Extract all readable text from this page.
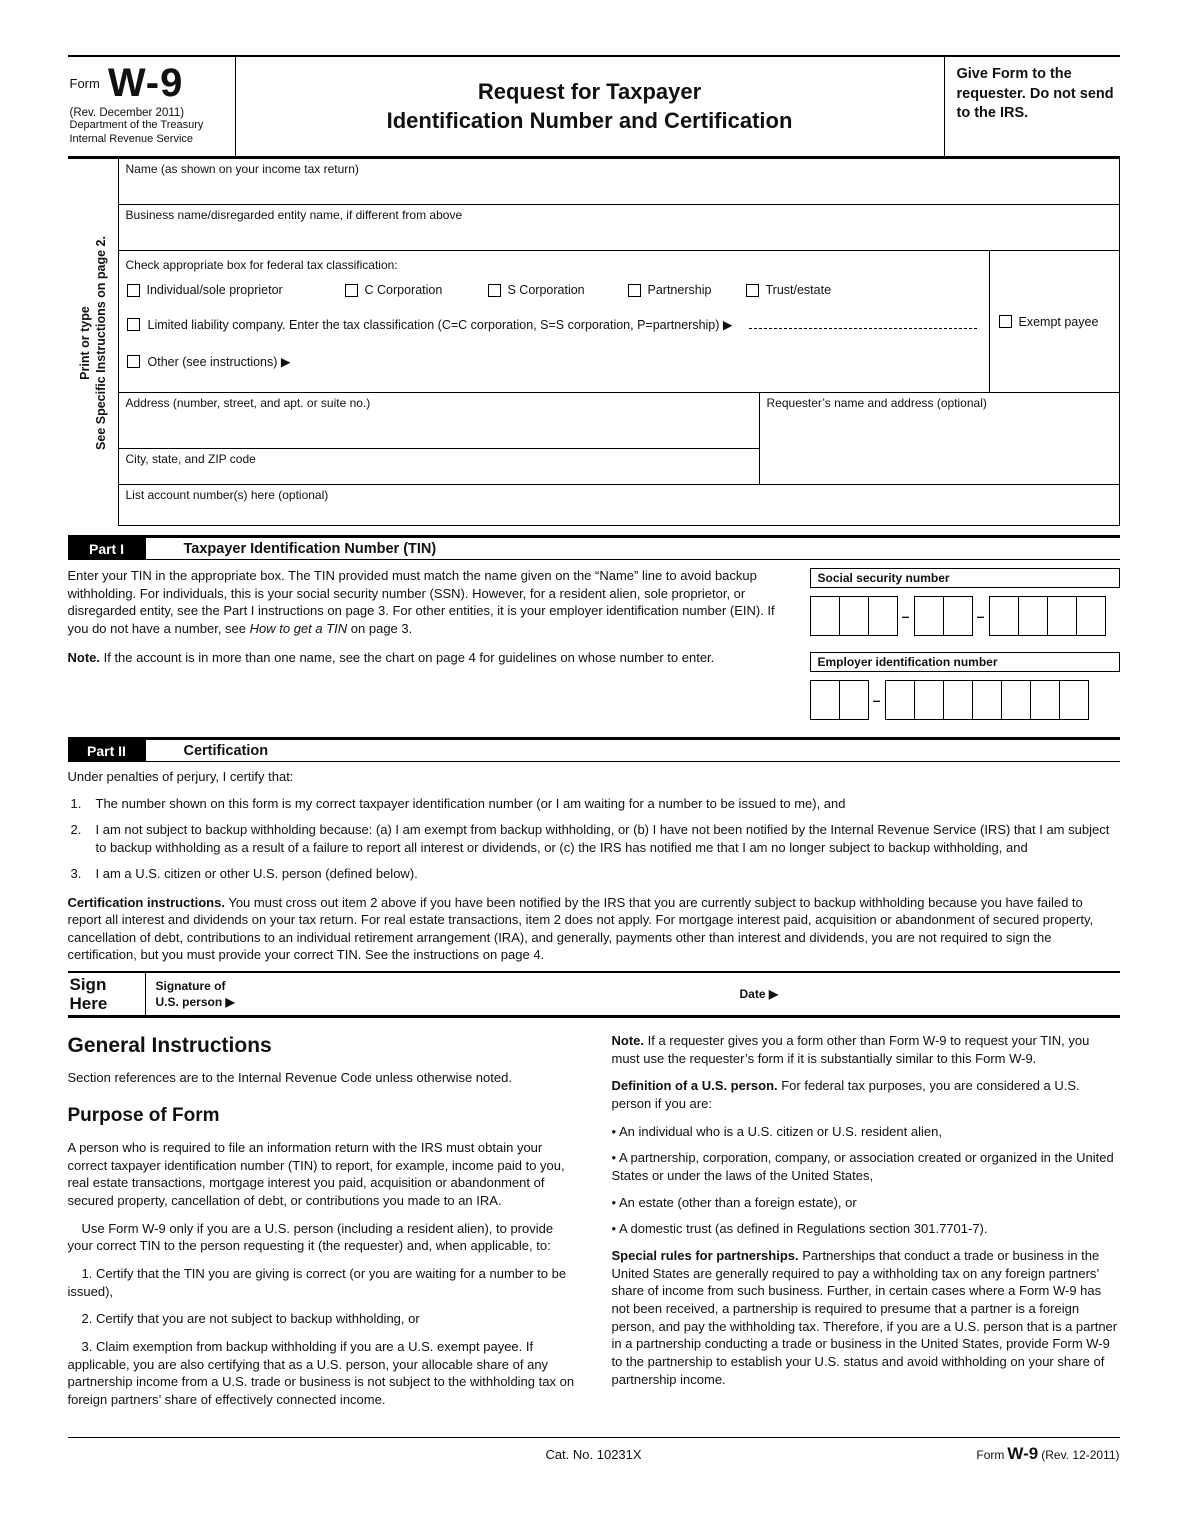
Form W-9
(Rev. December 2011)
Department of the Treasury
Internal Revenue Service
Request for Taxpayer
Identification Number and Certification
Give Form to the requester. Do not send to the IRS.
Print or type See Specific Instructions on page 2.
Name (as shown on your income tax return)
Business name/disregarded entity name, if different from above
Check appropriate box for federal tax classification:
Individual/sole proprietor	C Corporation	S Corporation	Partnership	Trust/estate
Limited liability company. Enter the tax classification (C=C corporation, S=S corporation, P=partnership) ▶
Other (see instructions) ▶
Exempt payee
Address (number, street, and apt. or suite no.)
City, state, and ZIP code
Requester’s name and address (optional)
List account number(s) here (optional)
Part I	Taxpayer Identification Number (TIN)

Enter your TIN in the appropriate box. The TIN provided must match the name given on the “Name” line to avoid backup withholding. For individuals, this is your social security number (SSN). However, for a resident alien, sole proprietor, or disregarded entity, see the Part I instructions on page 3. For other entities, it is your employer identification number (EIN). If you do not have a number, see How to get a TIN on page 3.

Note. If the account is in more than one name, see the chart on page 4 for guidelines on whose number to enter.

Social security number
–	–
Employer identification number
–
Part II	Certification
Under penalties of perjury, I certify that:
1. The number shown on this form is my correct taxpayer identification number (or I am waiting for a number to be issued to me), and
2. I am not subject to backup withholding because: (a) I am exempt from backup withholding, or (b) I have not been notified by the Internal Revenue Service (IRS) that I am subject to backup withholding as a result of a failure to report all interest or dividends, or (c) the IRS has notified me that I am no longer subject to backup withholding, and
3. I am a U.S. citizen or other U.S. person (defined below).

Certification instructions. You must cross out item 2 above if you have been notified by the IRS that you are currently subject to backup withholding because you have failed to report all interest and dividends on your tax return. For real estate transactions, item 2 does not apply. For mortgage interest paid, acquisition or abandonment of secured property, cancellation of debt, contributions to an individual retirement arrangement (IRA), and generally, payments other than interest and dividends, you are not required to sign the certification, but you must provide your correct TIN. See the instructions on page 4.

Sign
Here
Signature of
U.S. person ▶
Date ▶
General Instructions

Section references are to the Internal Revenue Code unless otherwise noted.

Purpose of Form

A person who is required to file an information return with the IRS must obtain your correct taxpayer identification number (TIN) to report, for example, income paid to you, real estate transactions, mortgage interest you paid, acquisition or abandonment of secured property, cancellation of debt, or contributions you made to an IRA.

Use Form W-9 only if you are a U.S. person (including a resident alien), to provide your correct TIN to the person requesting it (the requester) and, when applicable, to:

1. Certify that the TIN you are giving is correct (or you are waiting for a number to be issued),

2. Certify that you are not subject to backup withholding, or

3. Claim exemption from backup withholding if you are a U.S. exempt payee. If applicable, you are also certifying that as a U.S. person, your allocable share of any partnership income from a U.S. trade or business is not subject to the withholding tax on foreign partners’ share of effectively connected income.

Note. If a requester gives you a form other than Form W-9 to request your TIN, you must use the requester’s form if it is substantially similar to this Form W-9.

Definition of a U.S. person. For federal tax purposes, you are considered a U.S. person if you are:

• An individual who is a U.S. citizen or U.S. resident alien,

• A partnership, corporation, company, or association created or organized in the United States or under the laws of the United States,

• An estate (other than a foreign estate), or

• A domestic trust (as defined in Regulations section 301.7701-7).

Special rules for partnerships. Partnerships that conduct a trade or business in the United States are generally required to pay a withholding tax on any foreign partners’ share of income from such business. Further, in certain cases where a Form W-9 has not been received, a partnership is required to presume that a partner is a foreign person, and pay the withholding tax. Therefore, if you are a U.S. person that is a partner in a partnership conducting a trade or business in the United States, provide Form W-9 to the partnership to establish your U.S. status and avoid withholding on your share of partnership income.

Cat. No. 10231X	Form W-9 (Rev. 12-2011)
